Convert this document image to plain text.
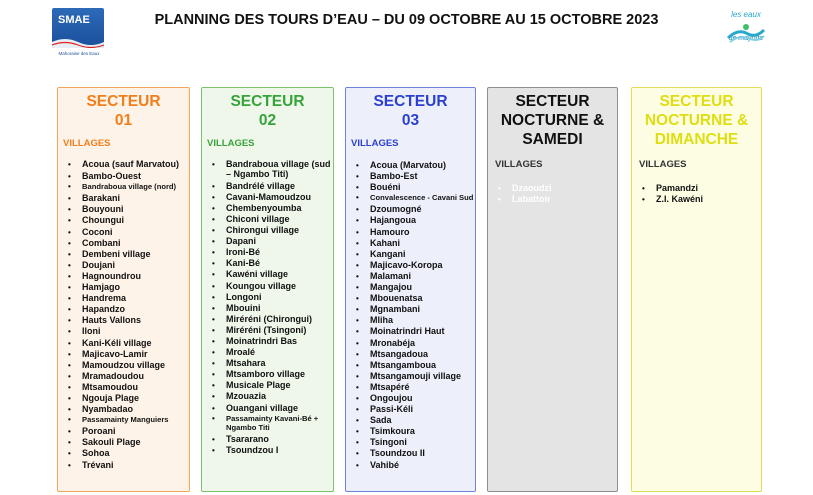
SMAE
Mahoraise des Eaux
PLANNING DES TOURS D’EAU – DU 09 OCTOBRE AU 15 OCTOBRE 2023	les eaux
de mayotte
SECTEUR
01
VILLAGES
• Acoua (sauf Marvatou)
• Bambo-Ouest
• Bandraboua village (nord)
• Barakani
• Bouyouni
• Choungui
• Coconi
• Combani
• Dembeni village
• Doujani
• Hagnoundrou
• Hamjago
• Handrema
• Hapandzo
• Hauts Vallons
• Iloni
• Kani-Kéli village
• Majicavo-Lamir
• Mamoudzou village
• Mramadoudou
• Mtsamoudou
• Ngouja Plage
• Nyambadao
• Passamainty Manguiers
• Poroani
• Sakouli Plage
• Sohoa
• Trévani
SECTEUR
02
VILLAGES
• Bandraboua village (sud – Ngambo Titi)
• Bandrélé village
• Cavani-Mamoudzou
• Chembenyoumba
• Chiconi village
• Chirongui village
• Dapani
• Ironi-Bé
• Kani-Bé
• Kawéni village
• Koungou village
• Longoni
• Mbouini
• Miréréni (Chirongui)
• Miréréni (Tsingoni)
• Moinatrindri Bas
• Mroalé
• Mtsahara
• Mtsamboro village
• Musicale Plage
• Mzouazia
• Ouangani village
• Passamainty Kavani-Bé + Ngambo Titi
• Tsararano
• Tsoundzou I
SECTEUR
03
VILLAGES
• Acoua (Marvatou)
• Bambo-Est
• Bouéni
• Convalescence - Cavani Sud
• Dzoumogné
• Hajangoua
• Hamouro
• Kahani
• Kangani
• Majicavo-Koropa
• Malamani
• Mangajou
• Mbouenatsa
• Mgnambani
• Mliha
• Moinatrindri Haut
• Mronabéja
• Mtsangadoua
• Mtsangamboua
• Mtsangamouji village
• Mtsapéré
• Ongoujou
• Passi-Kéli
• Sada
• Tsimkoura
• Tsingoni
• Tsoundzou II
• Vahibé
SECTEUR
NOCTURNE &
SAMEDI
VILLAGES
• Dzaoudzi
• Labattoir
SECTEUR
NOCTURNE &
DIMANCHE
VILLAGES
• Pamandzi
• Z.I. Kawéni
